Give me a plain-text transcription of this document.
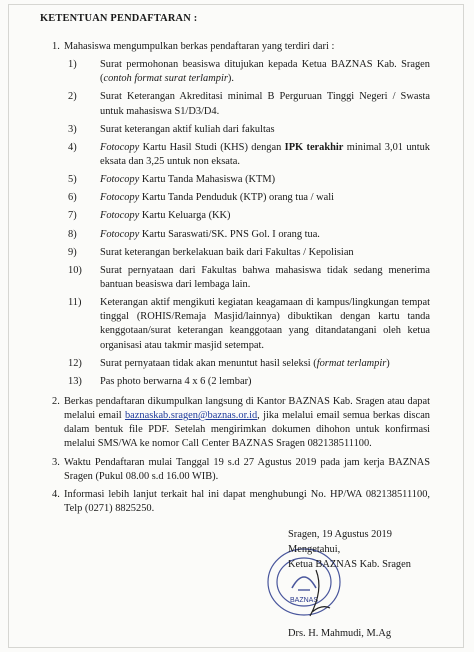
KETENTUAN PENDAFTARAN :
1. Mahasiswa mengumpulkan berkas pendaftaran yang terdiri dari :
1) Surat permohonan beasiswa ditujukan kepada Ketua BAZNAS Kab. Sragen (contoh format surat terlampir).
2) Surat Keterangan Akreditasi minimal B Perguruan Tinggi Negeri / Swasta untuk mahasiswa S1/D3/D4.
3) Surat keterangan aktif kuliah dari fakultas
4) Fotocopy Kartu Hasil Studi (KHS) dengan IPK terakhir minimal 3,01 untuk eksata dan 3,25 untuk non eksata.
5) Fotocopy Kartu Tanda Mahasiswa (KTM)
6) Fotocopy Kartu Tanda Penduduk (KTP) orang tua / wali
7) Fotocopy Kartu Keluarga (KK)
8) Fotocopy Kartu Saraswati/SK. PNS Gol. I orang tua.
9) Surat keterangan berkelakuan baik dari Fakultas / Kepolisian
10) Surat pernyataan dari Fakultas bahwa mahasiswa tidak sedang menerima bantuan beasiswa dari lembaga lain.
11) Keterangan aktif mengikuti kegiatan keagamaan di kampus/lingkungan tempat tinggal (ROHIS/Remaja Masjid/lainnya) dibuktikan dengan kartu tanda kenggotaan/surat keterangan keanggotaan yang ditandatangani oleh ketua organisasi atau takmir masjid setempat.
12) Surat pernyataan tidak akan menuntut hasil seleksi (format terlampir)
13) Pas photo berwarna 4 x 6 (2 lembar)
2. Berkas pendaftaran dikumpulkan langsung di Kantor BAZNAS Kab. Sragen atau dapat melalui email baznaskab.sragen@baznas.or.id, jika melalui email semua berkas discan dalam bentuk file PDF. Setelah mengirimkan dokumen dihohon untuk konfirmasi melalui SMS/WA ke nomor Call Center BAZNAS Sragen 082138511100.
3. Waktu Pendaftaran mulai Tanggal 19 s.d 27 Agustus 2019 pada jam kerja BAZNAS Sragen (Pukul 08.00 s.d 16.00 WIB).
4. Informasi lebih lanjut terkait hal ini dapat menghubungi No. HP/WA 082138511100, Telp (0271) 8825250.
BAZNAS
Sragen, 19 Agustus 2019
Mengetahui,
Ketua BAZNAS Kab. Sragen
Drs. H. Mahmudi, M.Ag
